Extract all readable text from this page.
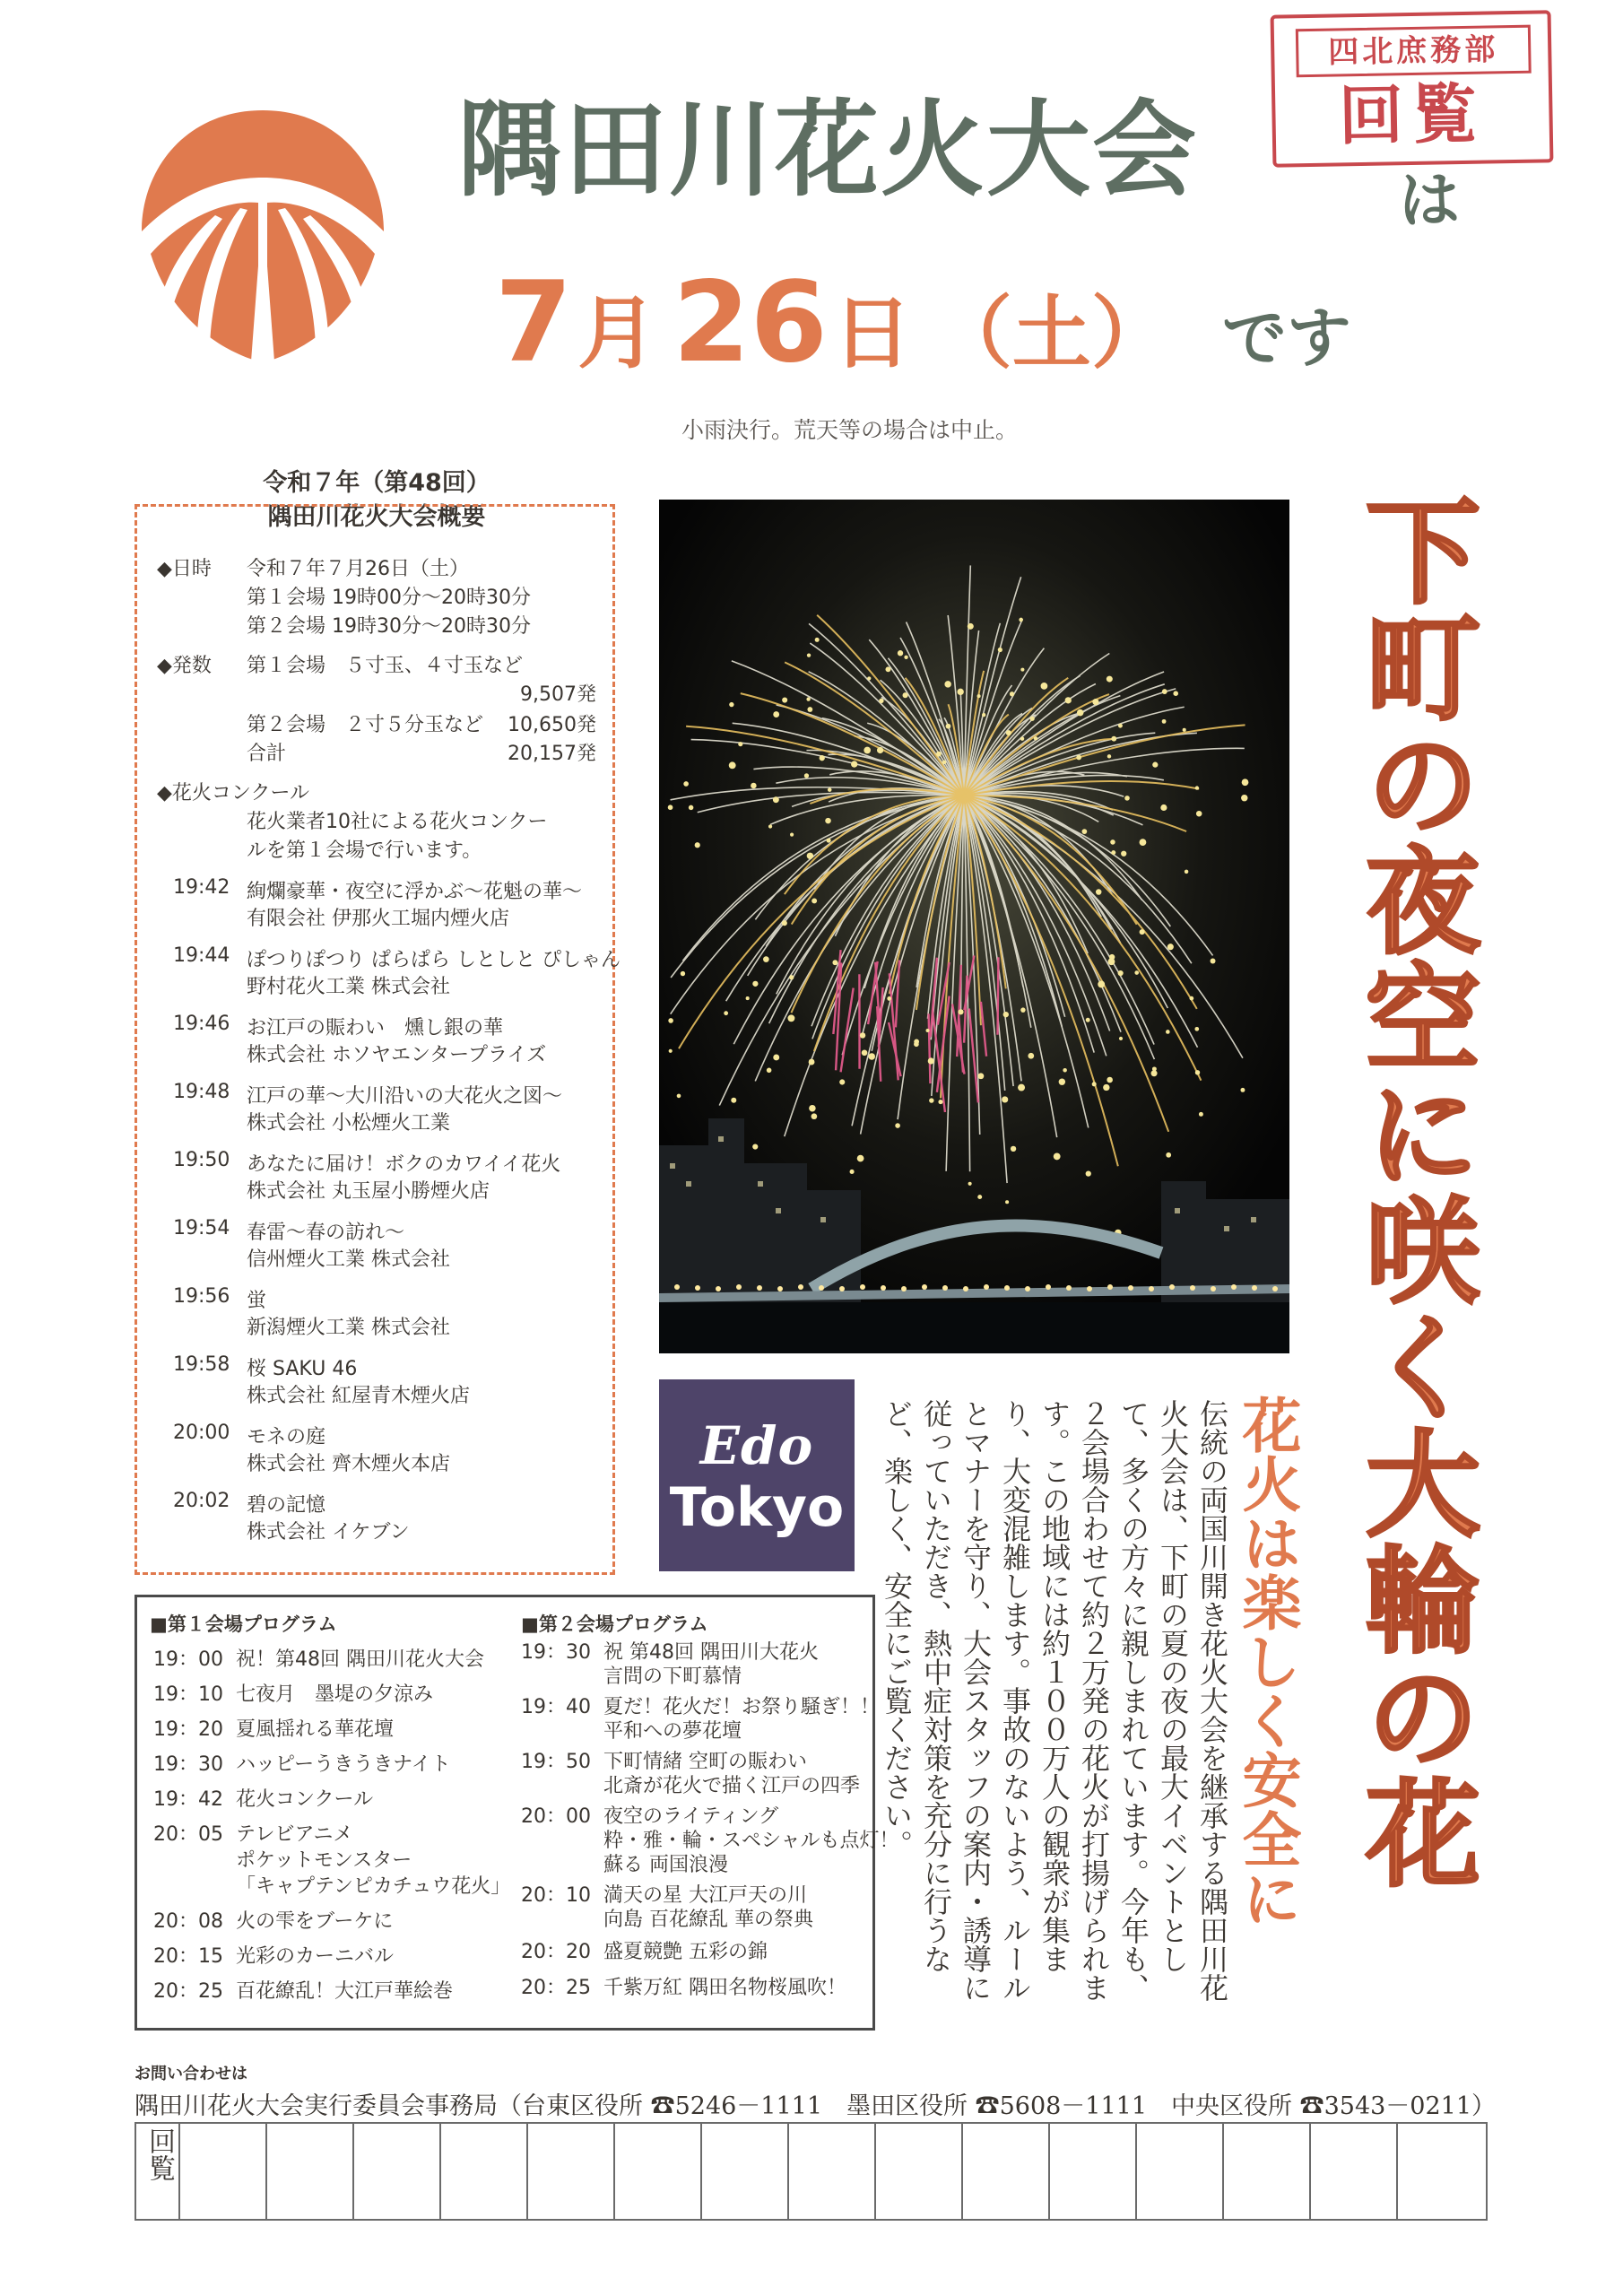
四北庶務部
回覧
隅田川花火大会	は
7月 26日 （土） です
小雨決行。荒天等の場合は中止。
令和７年（第48回）
隅田川花火大会概要
◆日時 令和７年７月26日（土）
第１会場 19時00分～20時30分
第２会場 19時30分～20時30分
◆発数 第１会場　５寸玉、４寸玉など
9,507発
第２会場　２寸５分玉など 10,650発
合計	20,157発
◆花火コンクール
花火業者10社による花火コンクー
ルを第１会場で行います。
19:42 絢爛豪華・夜空に浮かぶ～花魁の華～
有限会社 伊那火工堀内煙火店
19:44 ぽつりぽつり ぱらぱら しとしと ぴしゃん
野村花火工業 株式会社
19:46 お江戸の賑わい　燻し銀の華
株式会社 ホソヤエンタープライズ
19:48 江戸の華～大川沿いの大花火之図～
株式会社 小松煙火工業
19:50 あなたに届け！ボクのカワイイ花火
株式会社 丸玉屋小勝煙火店
19:54 春雷～春の訪れ～
信州煙火工業 株式会社
19:56 蛍
新潟煙火工業 株式会社
19:58 桜 SAKU 46
株式会社 紅屋青木煙火店
20:00 モネの庭
株式会社 齊木煙火本店
20:02 碧の記憶
株式会社 イケブン
Edo
Tokyo	下町の夜空に咲く大輪の花
花火は楽しく安全に
伝統の両国川開き花火大会を継承する隅田川花火大会は、下町の夏の夜の最大イベントとして、多くの方々に親しまれています。今年も、２会場合わせて約２万発の花火が打揚げられます。この地域には約１００万人の観衆が集まり、大変混雑します。事故のないよう、ルールとマナーを守り、大会スタッフの案内・誘導に従っていただき、熱中症対策を充分に行うなど、楽しく、安全にご覧ください。
■第１会場プログラム
19：00 祝！第48回 隅田川花火大会
19：10 七夜月　墨堤の夕涼み
19：20 夏風揺れる華花壇
19：30 ハッピーうきうきナイト
19：42 花火コンクール
20：05 テレビアニメ
ポケットモンスター
「キャプテンピカチュウ花火」
20：08 火の雫をブーケに
20：15 光彩のカーニバル
20：25 百花繚乱！大江戸華絵巻
■第２会場プログラム
19：30 祝 第48回 隅田川大花火
言問の下町慕情
19：40 夏だ！花火だ！お祭り騒ぎ！！
平和への夢花壇
19：50 下町情緒 空町の賑わい
北斎が花火で描く江戸の四季
20：00 夜空のライティング
粋・雅・輪・スペシャルも点灯！
蘇る 両国浪漫
20：10 満天の星 大江戸天の川
向島 百花繚乱 華の祭典
20：20 盛夏競艶 五彩の錦
20：25 千紫万紅 隅田名物桜風吹！
お問い合わせは
隅田川花火大会実行委員会事務局（台東区役所 ☎5246－1111　墨田区役所 ☎5608－1111　中央区役所 ☎3543－0211）
回覧
